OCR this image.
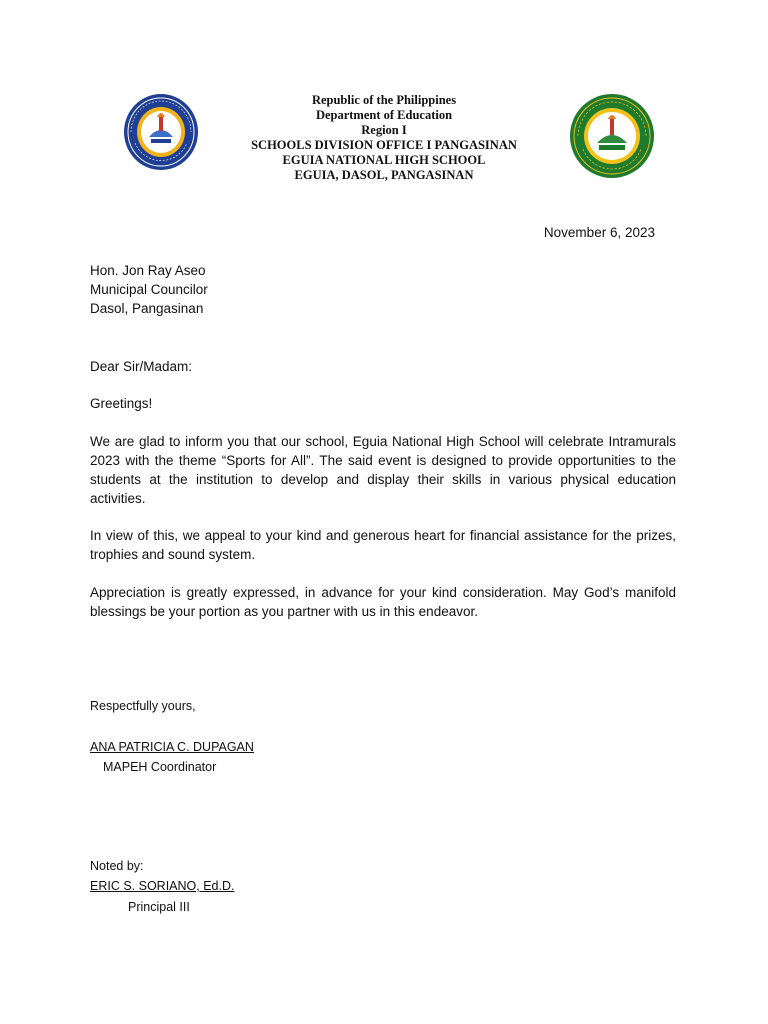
Republic of the Philippines
Department of Education
Region I
SCHOOLS DIVISION OFFICE I PANGASINAN
EGUIA NATIONAL HIGH SCHOOL
EGUIA, DASOL, PANGASINAN
November 6, 2023
Hon. Jon Ray Aseo
Municipal Councilor
Dasol, Pangasinan
Dear Sir/Madam:
Greetings!
We are glad to inform you that our school, Eguia National High School will celebrate Intramurals 2023 with the theme “Sports for All”. The said event is designed to provide opportunities to the students at the institution to develop and display their skills in various physical education activities.
In view of this, we appeal to your kind and generous heart for financial assistance for the prizes, trophies and sound system.
Appreciation is greatly expressed, in advance for your kind consideration. May God’s manifold blessings be your portion as you partner with us in this endeavor.
Respectfully yours,
ANA PATRICIA C. DUPAGAN
MAPEH Coordinator
Noted by:
ERIC S. SORIANO, Ed.D.
Principal III
